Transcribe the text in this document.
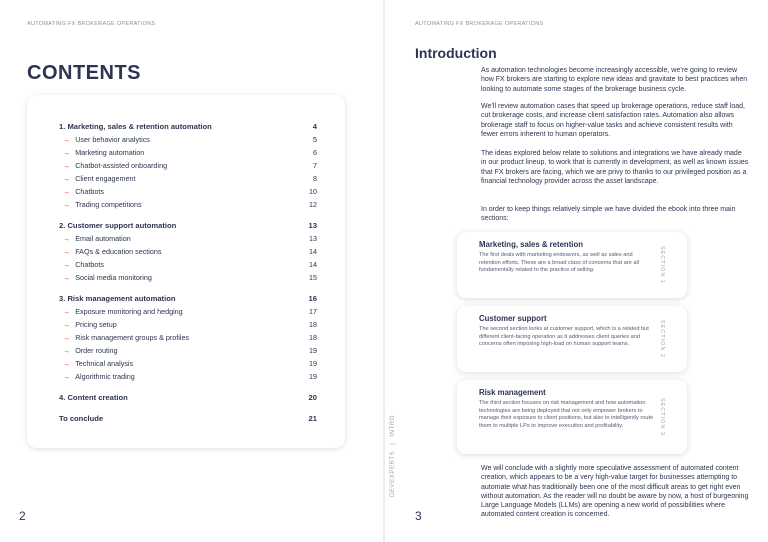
AUTOMATING FX BROKERAGE OPERATIONS
CONTENTS
1. Marketing, sales & retention automation	4
→ User behavior analytics	5
→ Marketing automation	6
→ Chatbot-assisted onboarding	7
→ Client engagement	8
→ Chatbots	10
→ Trading competitions	12
2. Customer support automation	13
→ Email automation	13
→ FAQs & education sections	14
→ Chatbots	14
→ Social media monitoring	15
3. Risk management automation	16
→ Exposure monitoring and hedging	17
→ Pricing setup	18
→ Risk management groups & profiles	18
→ Order routing	19
→ Technical analysis	19
→ Algorithmic trading	19
4. Content creation	20
To conclude	21
2
AUTOMATING FX BROKERAGE OPERATIONS
Introduction

As automation technologies become increasingly accessible, we’re going to review how FX brokers are starting to explore new ideas and gravitate to best practices when looking to automate some stages of the brokerage business cycle.

We’ll review automation cases that speed up brokerage operations, reduce staff load, cut brokerage costs, and increase client satisfaction rates. Automation also allows brokerage staff to focus on higher-value tasks and achieve consistent results with fewer errors inherent to human operators.

The ideas explored below relate to solutions and integrations we have already made in our product lineup, to work that is currently in development, as well as known issues that FX brokers are facing, which we are privy to thanks to our privileged position as a financial technology provider across the asset landscape.

In order to keep things relatively simple we have divided the ebook into three main sections:

Marketing, sales & retention

The first deals with marketing endeavors, as well as sales and retention efforts. These are a broad class of concerns that are all fundamentally related to the practice of selling.	SECTION 1
Customer support

The second section looks at customer support, which is a related but different client-facing operation as it addresses client queries and concerns often imposing high-load on human support teams.	SECTION 2
Risk management

The third section focuses on risk management and how automation technologies are being deployed that not only empower brokers to manage their exposure to client positions, but also to intelligently route them to multiple LPs to improve execution and profitability.	SECTION 3

We will conclude with a slightly more speculative assessment of automated content creation, which appears to be a very high-value target for businesses attempting to automate what has traditionally been one of the most difficult areas to get right even without automation. As the reader will no doubt be aware by now, a host of burgeoning Large Language Models (LLMs) are opening a new world of possibilities where automated content creation is concerned.

DEVEXPERTS|INTRO
3
